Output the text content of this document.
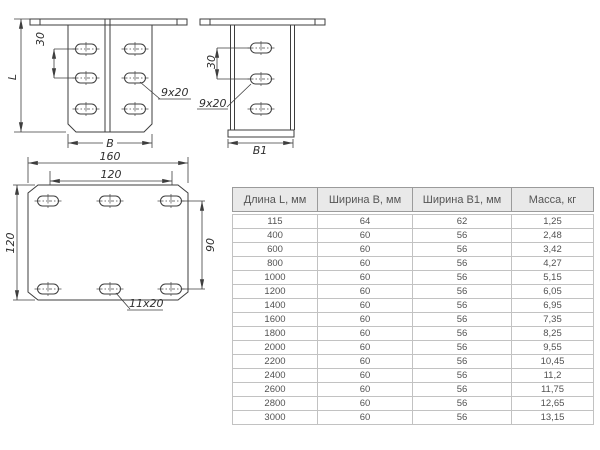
L
30
9x20
B
30
9x20
B1
160
120
120	90
11x20
Длина L, мм	Ширина B, мм	Ширина B1, мм	Масса, кг
115	64	62	1,25
400	60	56	2,48
600	60	56	3,42
800	60	56	4,27
1000	60	56	5,15
1200	60	56	6,05
1400	60	56	6,95
1600	60	56	7,35
1800	60	56	8,25
2000	60	56	9,55
2200	60	56	10,45
2400	60	56	11,2
2600	60	56	11,75
2800	60	56	12,65
3000	60	56	13,15
